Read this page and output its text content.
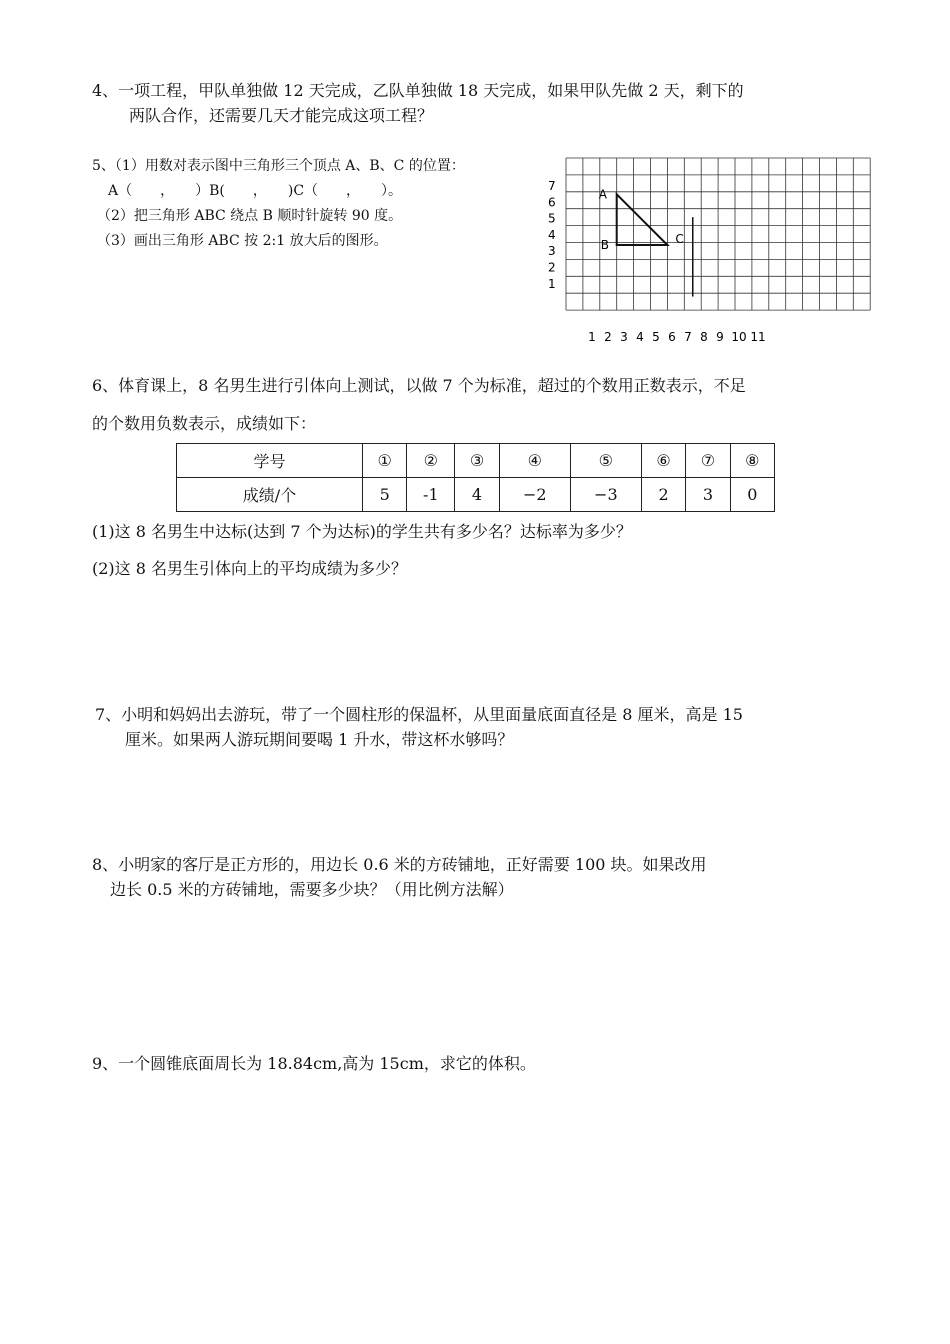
4、一项工程，甲队单独做 12 天完成，乙队单独做 18 天完成，如果甲队先做 2 天，剩下的
两队合作，还需要几天才能完成这项工程？
5、（1）用数对表示图中三角形三个顶点 A、B、C 的位置：
A（　　，　　）B(　　，　　)C（　　，　　）。
（2）把三角形 ABC 绕点 B 顺时针旋转 90 度。
（3）画出三角形 ABC 按 2:1 放大后的图形。
7
6
5
4
3
2
1
1 2 3 4 5 6 7 8 9 10 11
A
B	C
6、体育课上，8 名男生进行引体向上测试，以做 7 个为标准，超过的个数用正数表示，不足
的个数用负数表示，成绩如下：
学号	①	②	③	④	⑤	⑥	⑦	⑧
成绩/个	5	-1	4	−2	−3	2	3	0
(1)这 8 名男生中达标(达到 7 个为达标)的学生共有多少名？达标率为多少？
(2)这 8 名男生引体向上的平均成绩为多少？
7、小明和妈妈出去游玩，带了一个圆柱形的保温杯，从里面量底面直径是 8 厘米，高是 15
厘米。如果两人游玩期间要喝 1 升水，带这杯水够吗？
8、小明家的客厅是正方形的，用边长 0.6 米的方砖铺地，正好需要 100 块。如果改用
边长 0.5 米的方砖铺地，需要多少块？（用比例方法解）
9、一个圆锥底面周长为 18.84cm,高为 15cm，求它的体积。
